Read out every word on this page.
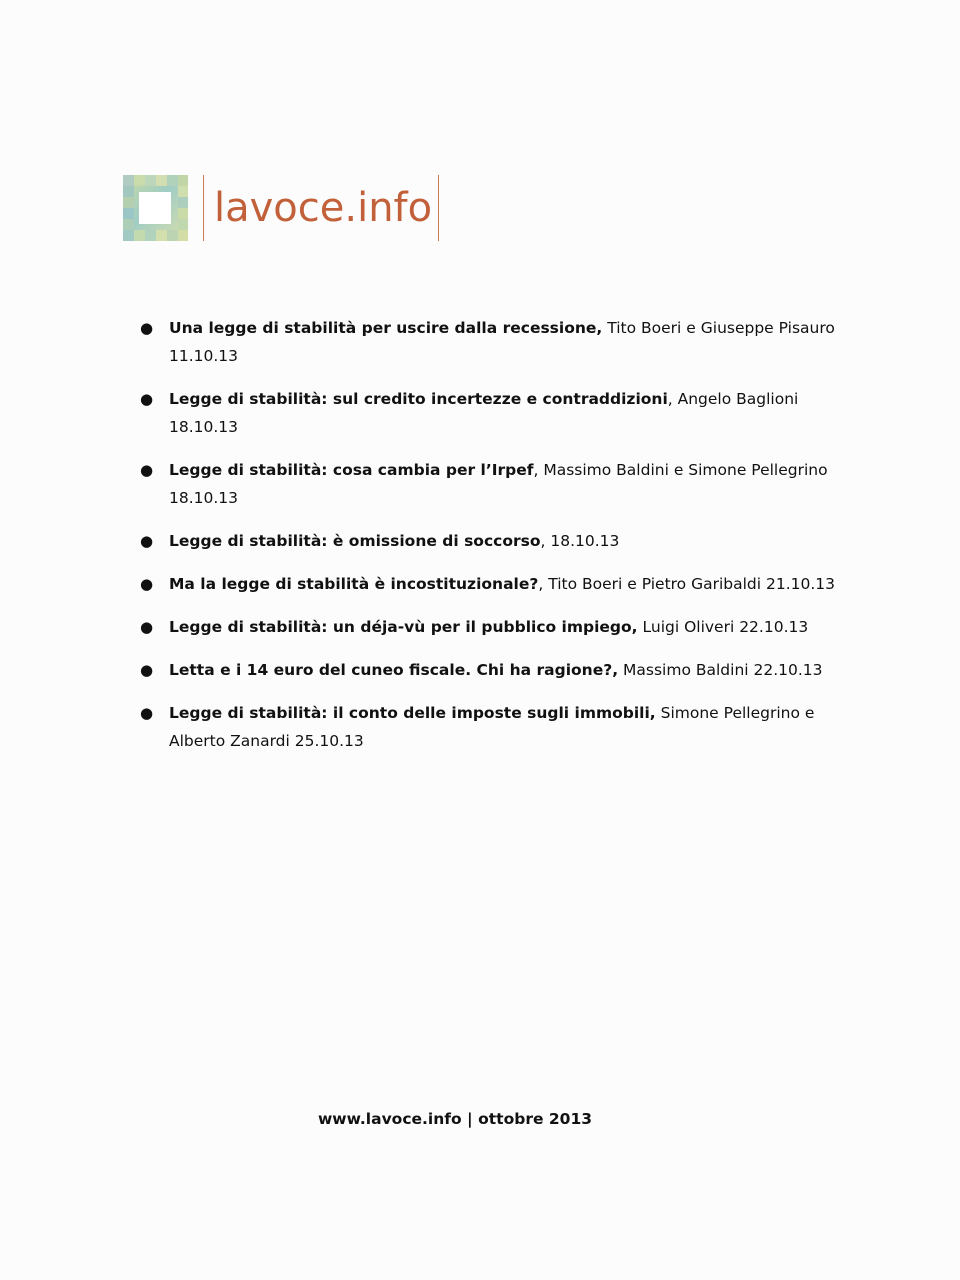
lavoce.info
● Una legge di stabilità per uscire dalla recessione, Tito Boeri e Giuseppe Pisauro 11.10.13
● Legge di stabilità: sul credito incertezze e contraddizioni, Angelo Baglioni 18.10.13
● Legge di stabilità: cosa cambia per l’Irpef, Massimo Baldini e Simone Pellegrino 18.10.13
● Legge di stabilità: è omissione di soccorso, 18.10.13
● Ma la legge di stabilità è incostituzionale?, Tito Boeri e Pietro Garibaldi 21.10.13
● Legge di stabilità: un déja-vù per il pubblico impiego, Luigi Oliveri 22.10.13
● Letta e i 14 euro del cuneo fiscale. Chi ha ragione?, Massimo Baldini 22.10.13
● Legge di stabilità: il conto delle imposte sugli immobili, Simone Pellegrino e Alberto Zanardi 25.10.13
www.lavoce.info | ottobre 2013
